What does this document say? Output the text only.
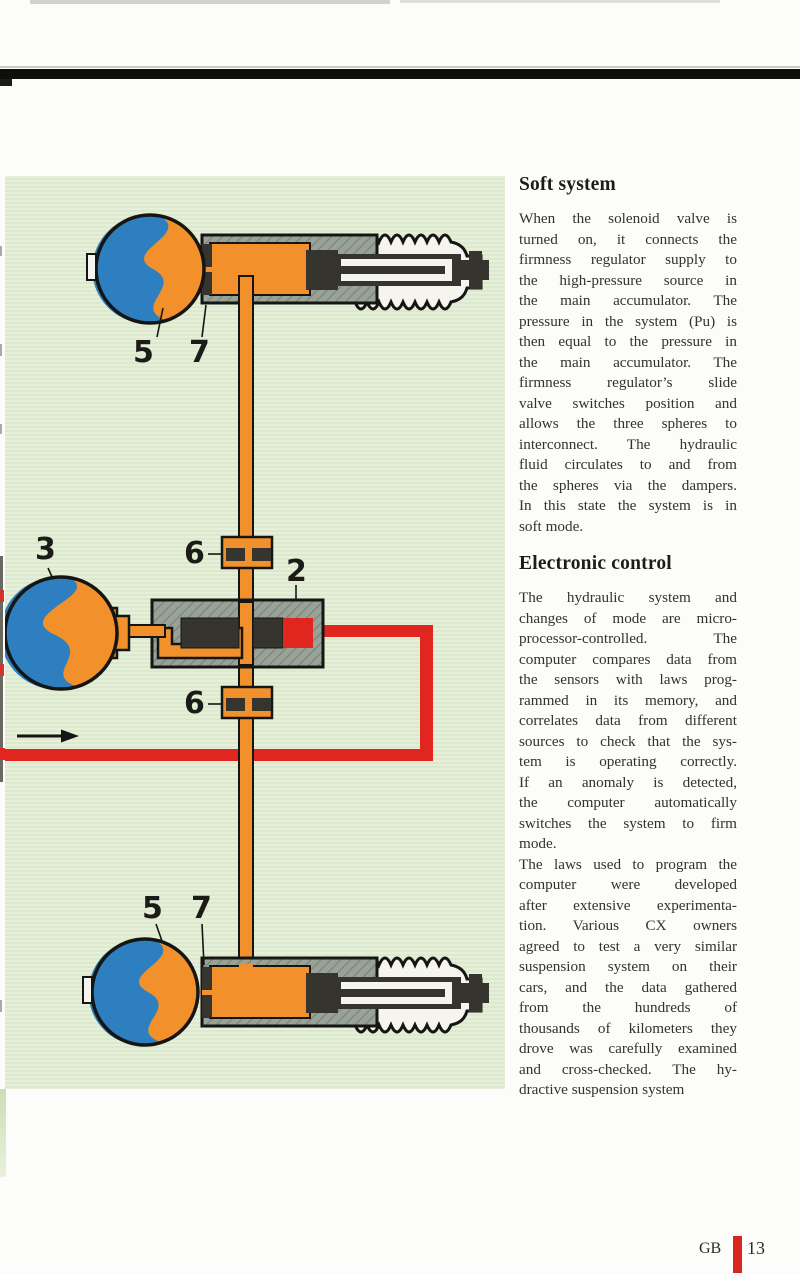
5 7
3	6
2
6
5 7
Soft system
When the solenoid valve is
turned on, it connects the
firmness regulator supply to
the high-pressure source in
the main accumulator. The
pressure in the system (Pu) is
then equal to the pressure in
the main accumulator. The
firmness regulator’s slide
valve switches position and
allows the three spheres to
interconnect. The hydraulic
fluid circulates to and from
the spheres via the dampers.
In this state the system is in
soft mode.
Electronic control
The hydraulic system and
changes of mode are micro-
processor-controlled. The
computer compares data from
the sensors with laws prog-
rammed in its memory, and
correlates data from different
sources to check that the sys-
tem is operating correctly.
If an anomaly is detected,
the computer automatically
switches the system to firm
mode.
The laws used to program the
computer were developed
after extensive experimenta-
tion. Various CX owners
agreed to test a very similar
suspension system on their
cars, and the data gathered
from the hundreds of
thousands of kilometers they
drove was carefully examined
and cross-checked. The hy-
dractive suspension system
GB 13
